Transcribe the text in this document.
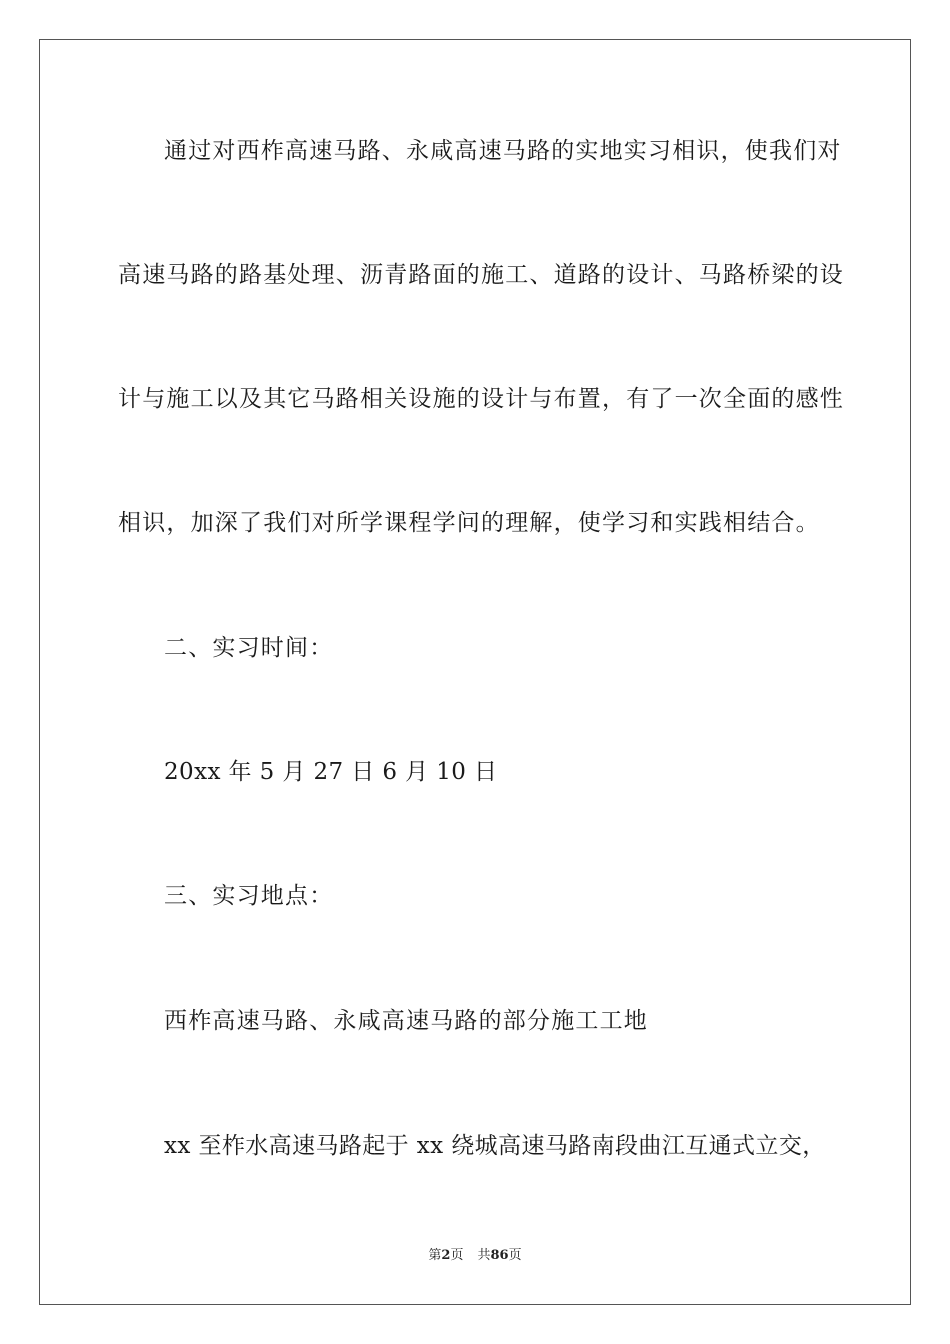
通过对西柞高速马路、永咸高速马路的实地实习相识，使我们对
高速马路的路基处理、沥青路面的施工、道路的设计、马路桥梁的设
计与施工以及其它马路相关设施的设计与布置，有了一次全面的感性
相识，加深了我们对所学课程学问的理解，使学习和实践相结合。
二、实习时间：
20xx 年 5 月 27 日 6 月 10 日
三、实习地点：
西柞高速马路、永咸高速马路的部分施工工地
xx 至柞水高速马路起于 xx 绕城高速马路南段曲江互通式立交，
第2页 共86页
